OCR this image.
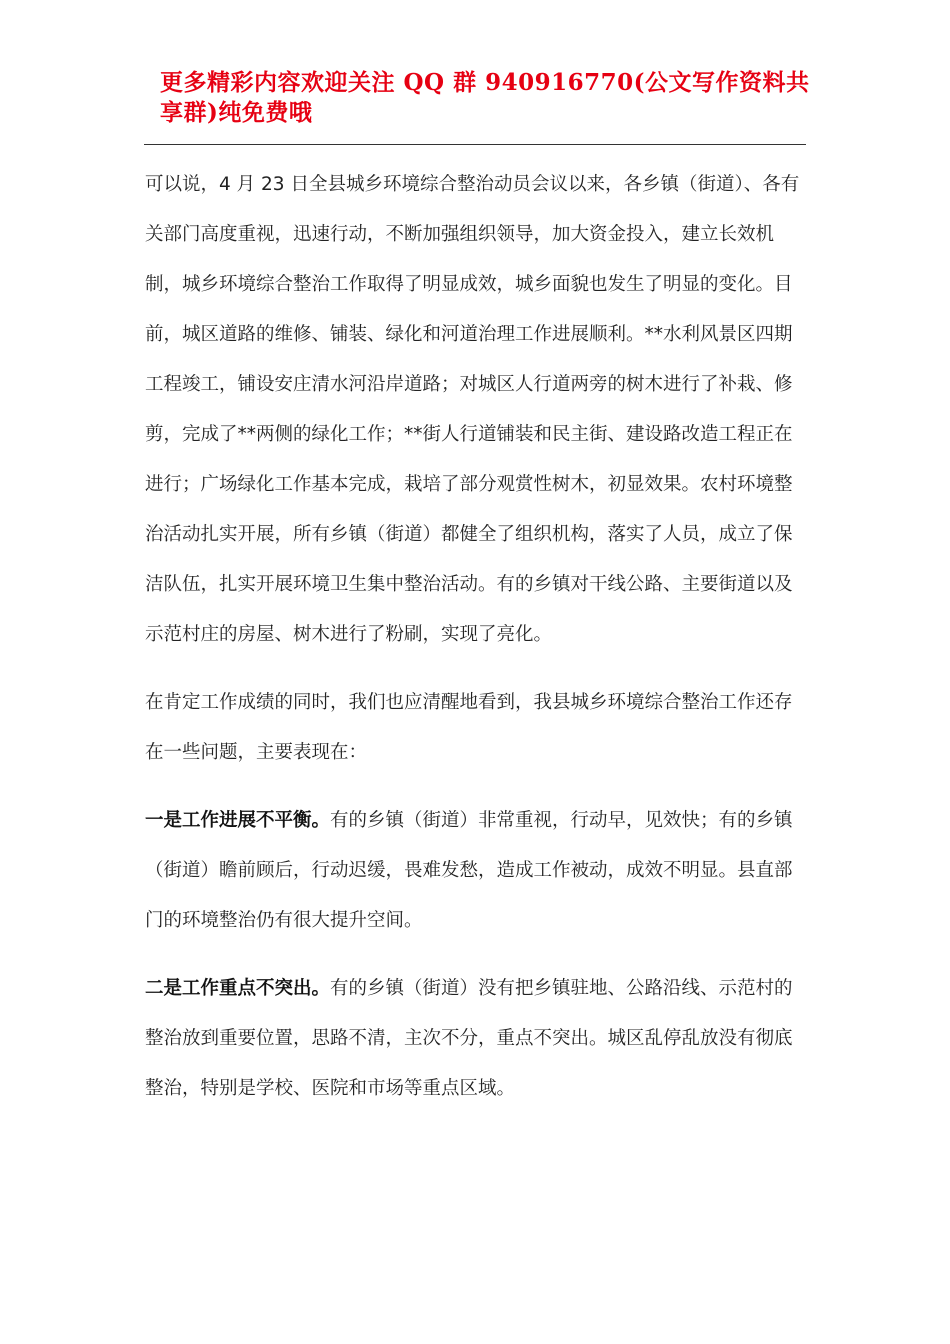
更多精彩内容欢迎关注 QQ 群 940916770(公文写作资料共享群)纯免费哦

可以说，4 月 23 日全县城乡环境综合整治动员会议以来，各乡镇（街道）、各有关部门高度重视，迅速行动，不断加强组织领导，加大资金投入，建立长效机制，城乡环境综合整治工作取得了明显成效，城乡面貌也发生了明显的变化。目前，城区道路的维修、铺装、绿化和河道治理工作进展顺利。**水利风景区四期工程竣工，铺设安庄清水河沿岸道路；对城区人行道两旁的树木进行了补栽、修剪，完成了**两侧的绿化工作；**街人行道铺装和民主街、建设路改造工程正在进行；广场绿化工作基本完成，栽培了部分观赏性树木，初显效果。农村环境整治活动扎实开展，所有乡镇（街道）都健全了组织机构，落实了人员，成立了保洁队伍，扎实开展环境卫生集中整治活动。有的乡镇对干线公路、主要街道以及示范村庄的房屋、树木进行了粉刷，实现了亮化。

在肯定工作成绩的同时，我们也应清醒地看到，我县城乡环境综合整治工作还存在一些问题，主要表现在：

一是工作进展不平衡。有的乡镇（街道）非常重视，行动早，见效快；有的乡镇（街道）瞻前顾后，行动迟缓，畏难发愁，造成工作被动，成效不明显。县直部门的环境整治仍有很大提升空间。

二是工作重点不突出。有的乡镇（街道）没有把乡镇驻地、公路沿线、示范村的整治放到重要位置，思路不清，主次不分，重点不突出。城区乱停乱放没有彻底整治，特别是学校、医院和市场等重点区域。
